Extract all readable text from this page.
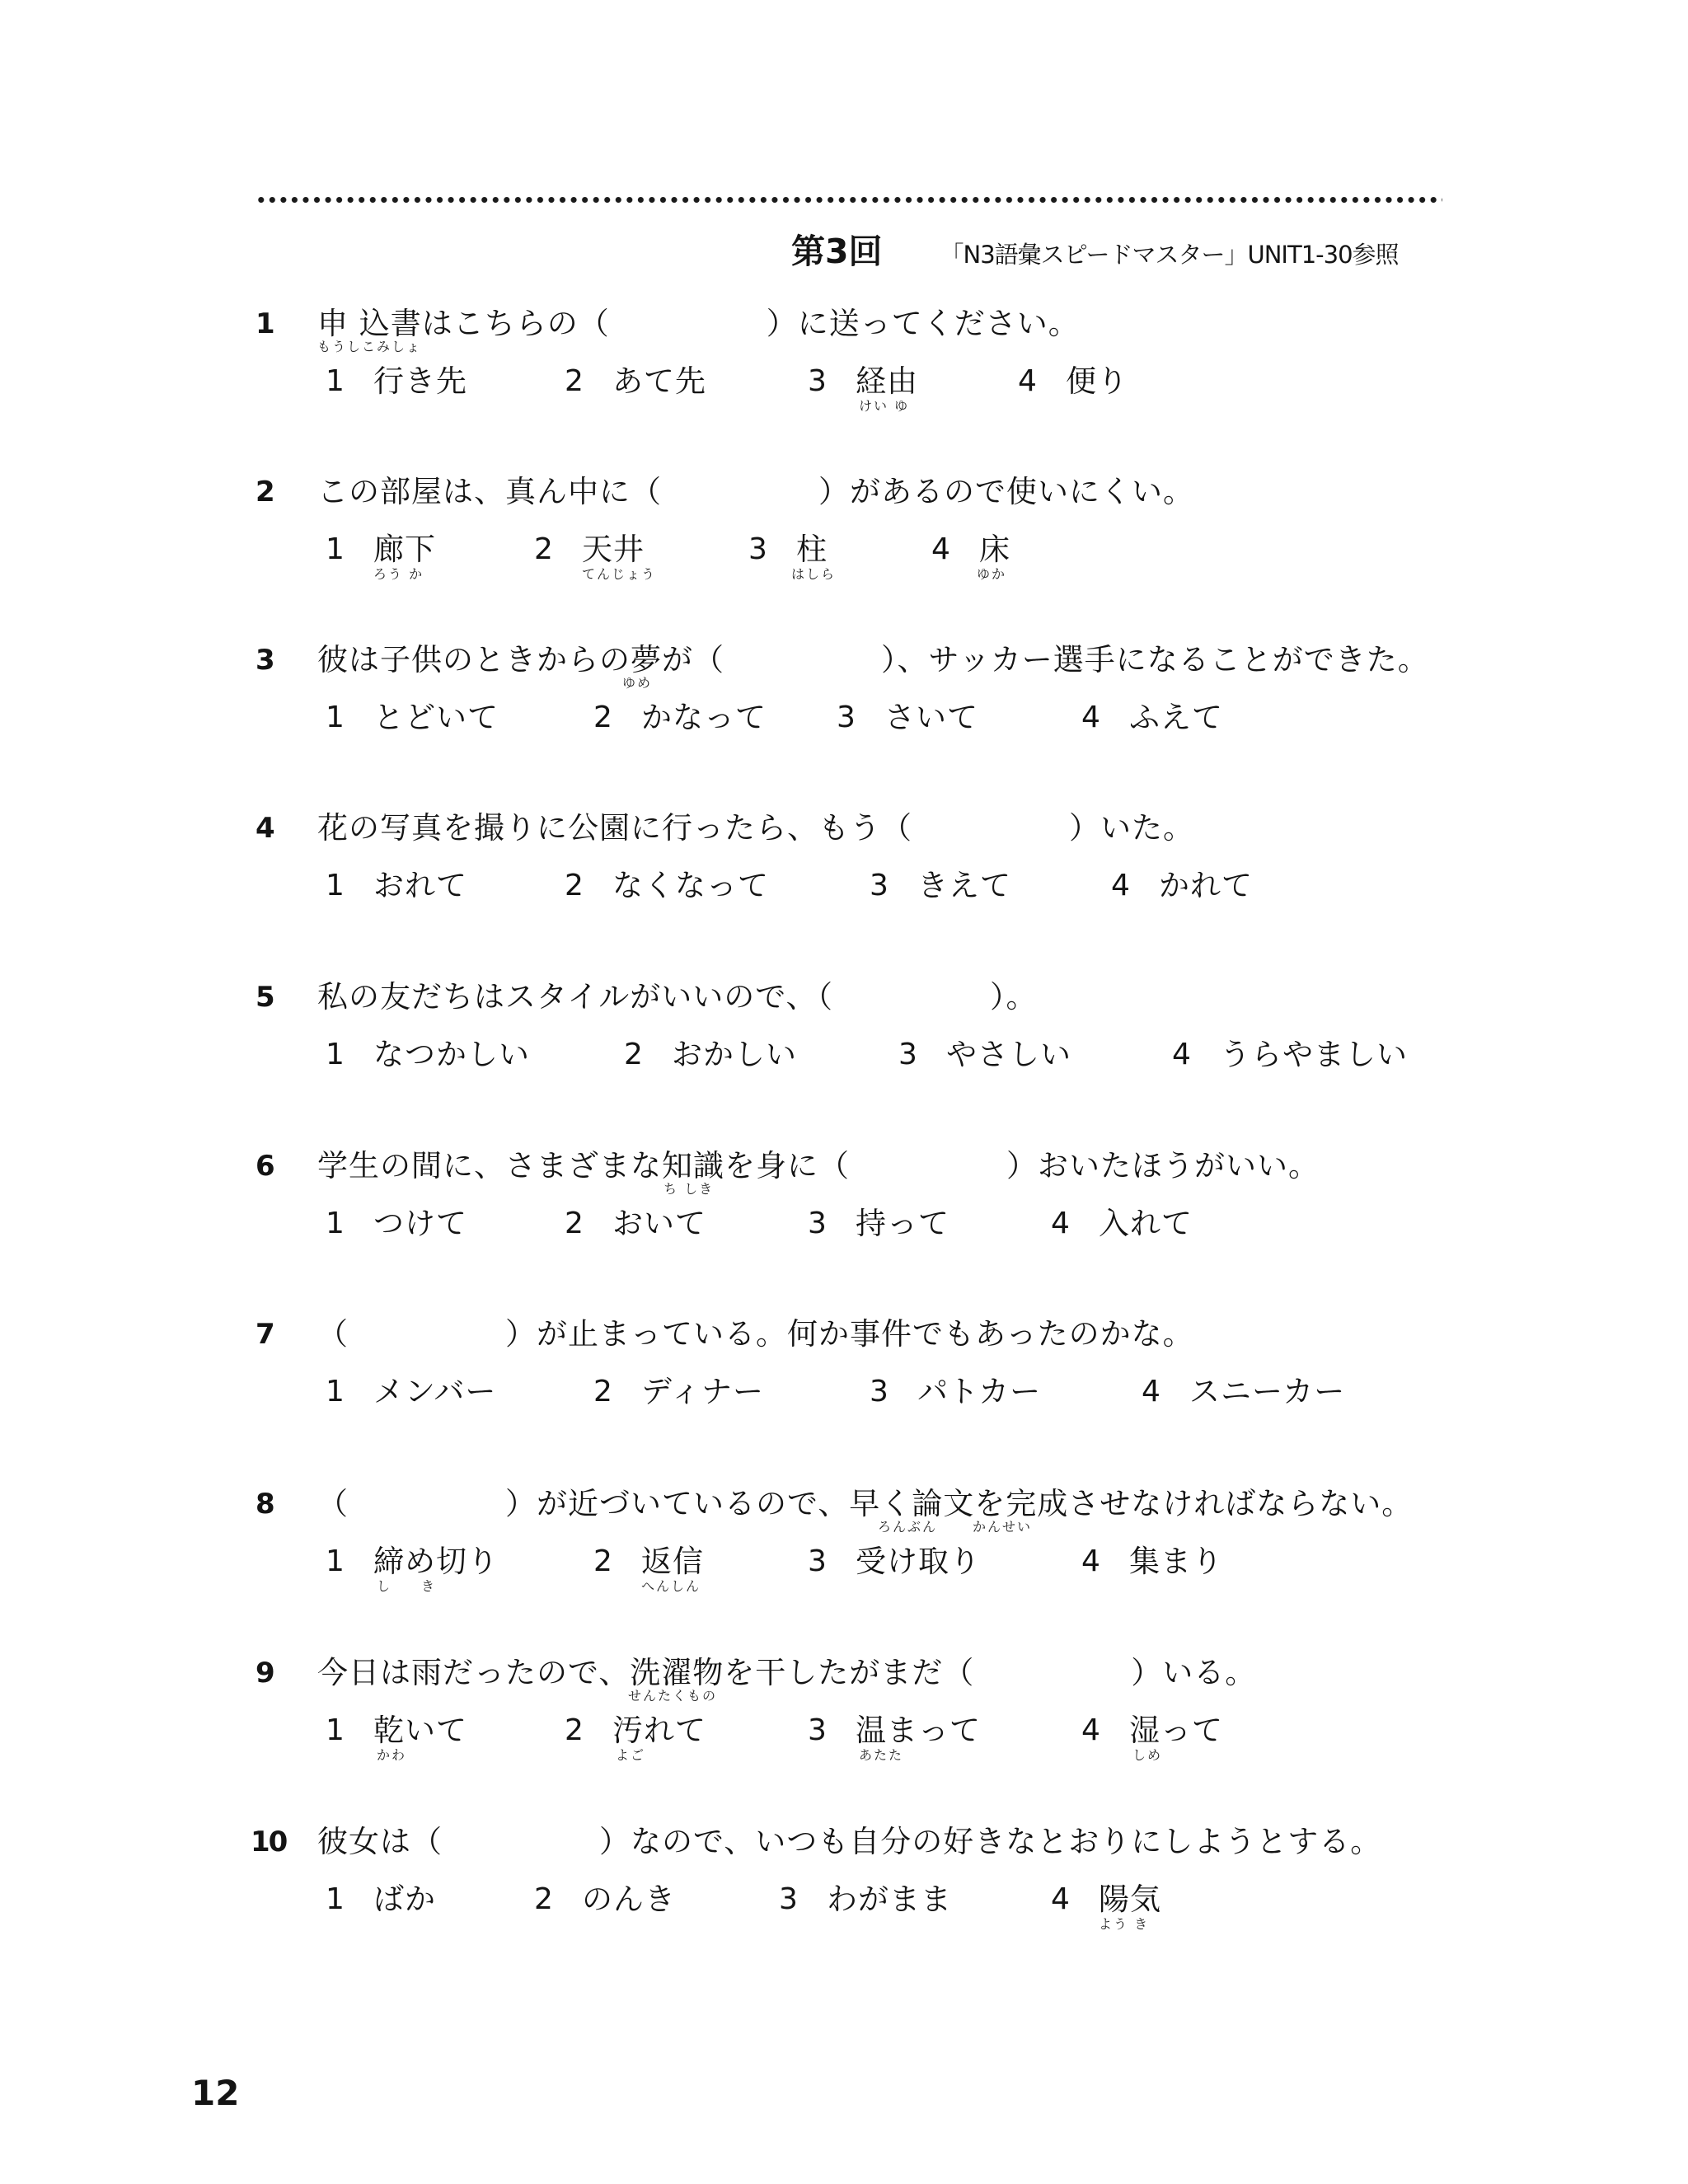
第3回 「N3語彙スピードマスター」UNIT1-30参照
1 申 込書はこちらの（　　　　　）に送ってください。
もうしこみしょ
1 行き先	2 あて先	3 経由
けい ゆ
4 便り
2 この部屋は、真ん中に（　　　　　）があるので使いにくい。
1 廊下
ろう か
2 天井
てんじょう
3 柱
はしら
4 床
ゆか
3 彼は子供のときからの夢が（　　　　　）、サッカー選手になることができた。
ゆめ
1 とどいて	2 かなって 3 さいて	4 ふえて
4 花の写真を撮りに公園に行ったら、もう（　　　　　）いた。
1 おれて	2 なくなって	3 きえて	4 かれて
5 私の友だちはスタイルがいいので、（　　　　　）。
1 なつかしい	2 おかしい	3 やさしい	4 うらやましい
6 学生の間に、さまざまな知識を身に（　　　　　）おいたほうがいい。
ち しき
1 つけて	2 おいて	3 持って	4 入れて
7 （　　　　　）が止まっている。何か事件でもあったのかな。
1 メンバー	2 ディナー	3 パトカー	4 スニーカー
8 （　　　　　）が近づいているので、早く論文を完成させなければならない。
ろんぶん	かんせい
1 締め切り
し　　き
2 返信
へんしん
3 受け取り	4 集まり
9 今日は雨だったので、洗濯物を干したがまだ（　　　　　）いる。
せんたくもの
1 乾いて
かわ
2 汚れて
よご
3 温まって
あたた
4 湿って
しめ
10 彼女は（　　　　　）なので、いつも自分の好きなとおりにしようとする。
1 ばか	2 のんき	3 わがまま	4 陽気
よう き
12
